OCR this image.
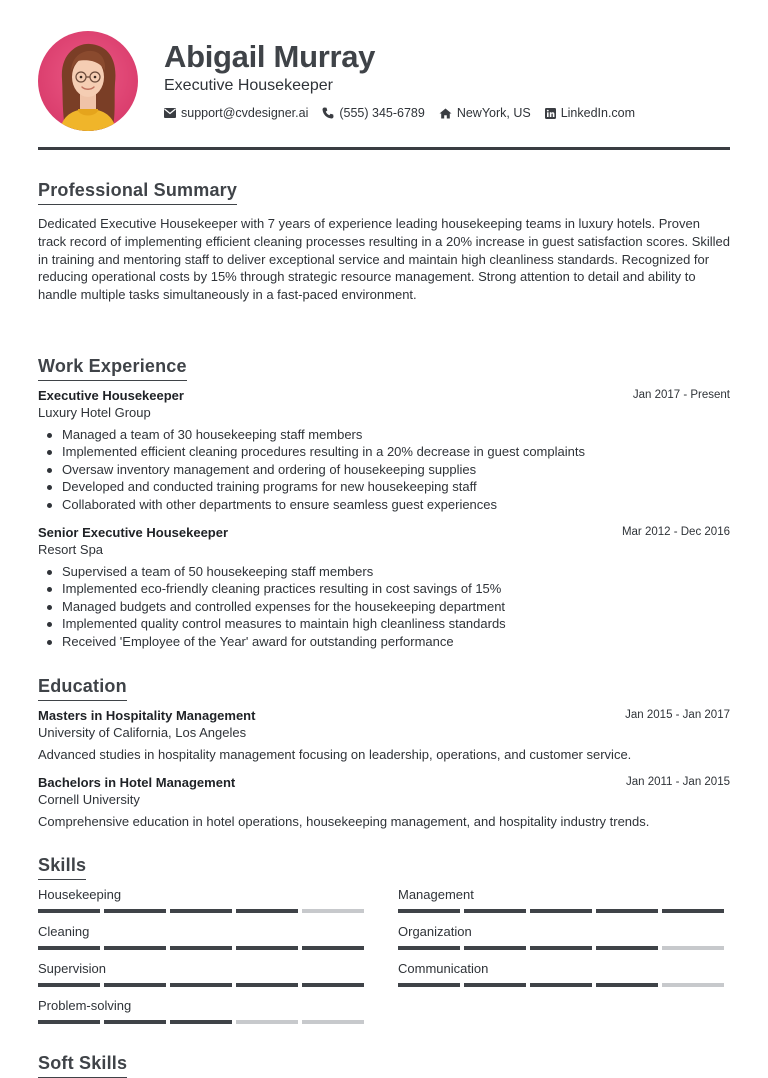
Abigail Murray
Executive Housekeeper
support@cvdesigner.ai (555) 345-6789	NewYork, US LinkedIn.com
Professional Summary
Dedicated Executive Housekeeper with 7 years of experience leading housekeeping teams in luxury hotels. Proven track record of implementing efficient cleaning processes resulting in a 20% increase in guest satisfaction scores. Skilled in training and mentoring staff to deliver exceptional service and maintain high cleanliness standards. Recognized for reducing operational costs by 15% through strategic resource management. Strong attention to detail and ability to handle multiple tasks simultaneously in a fast-paced environment.
Work Experience
Executive Housekeeper	Jan 2017 - Present
Luxury Hotel Group
Managed a team of 30 housekeeping staff members
Implemented efficient cleaning procedures resulting in a 20% decrease in guest complaints
Oversaw inventory management and ordering of housekeeping supplies
Developed and conducted training programs for new housekeeping staff
Collaborated with other departments to ensure seamless guest experiences
Senior Executive Housekeeper	Mar 2012 - Dec 2016
Resort Spa
Supervised a team of 50 housekeeping staff members
Implemented eco-friendly cleaning practices resulting in cost savings of 15%
Managed budgets and controlled expenses for the housekeeping department
Implemented quality control measures to maintain high cleanliness standards
Received 'Employee of the Year' award for outstanding performance
Education
Masters in Hospitality Management	Jan 2015 - Jan 2017
University of California, Los Angeles
Advanced studies in hospitality management focusing on leadership, operations, and customer service.
Bachelors in Hotel Management	Jan 2011 - Jan 2015
Cornell University
Comprehensive education in hotel operations, housekeeping management, and hospitality industry trends.
Skills
Housekeeping	Management
Cleaning	Organization
Supervision	Communication
Problem-solving
Soft Skills
